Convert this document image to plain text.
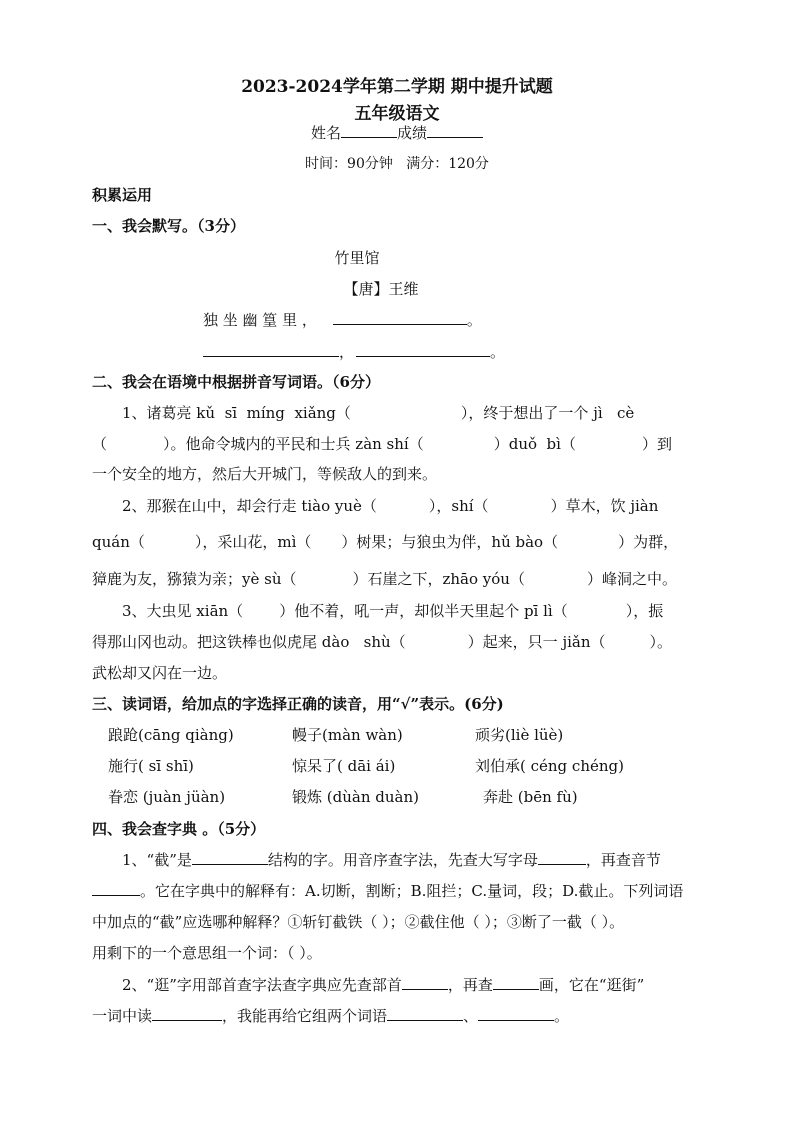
2023-2024学年第二学期 期中提升试题
五年级语文
姓名	成绩
时间：90分钟   满分：120分
积累运用
一、我会默写。（3分）
竹里馆
【唐】王维
独 坐 幽 篁 里 ，	。
，	。
二、我会在语境中根据拼音写词语。（6分）
1、诸葛亮 kǔ  sī  míng  xiǎng（	），终于想出了一个 jì   cè
（	）。他命令城内的平民和士兵 zàn shí（	）duǒ  bì（	）到
一个安全的地方，然后大开城门，等候敌人的到来。
2、那猴在山中，却会行走 tiào yuè（	），shí（	）草木，饮 jiàn
quán（	），采山花，mì（ ）树果；与狼虫为伴，hǔ bào（	）为群，
獐鹿为友，猕猿为亲；yè sù（	）石崖之下，zhāo yóu（	）峰洞之中。
3、大虫见 xiān（ ）他不着，吼一声，却似半天里起个 pī lì（	），振
得那山冈也动。把这铁棒也似虎尾 dào   shù（	）起来，只一 jiǎn（	）。
武松却又闪在一边。
三、读词语，给加点的字选择正确的读音，用“√”表示。(6分)
踉跄(cāng qiàng)	幔子(màn wàn)	顽劣(liè lüè)
施行( sī shī)	惊呆了( dāi ái)	刘伯承( céng chéng)
眷恋 (juàn jüàn)	锻炼 (dùàn duàn)	奔赴 (bēn fù)
四、我会查字典 。（5分）
1、“截”是	结构的字。用音序查字法，先查大写字母	，再查音节
。它在字典中的解释有：A.切断，割断；B.阻拦；C.量词，段；D.截止。下列词语
中加点的“截”应选哪种解释？①斩钉截铁（ ）；②截住他（ ）；③断了一截（ ）。
用剩下的一个意思组一个词：（ ）。
2、“逛”字用部首查字法查字典应先查部首	，再查	画，它在“逛街”
一词中读	，我能再给它组两个词语	、	。
